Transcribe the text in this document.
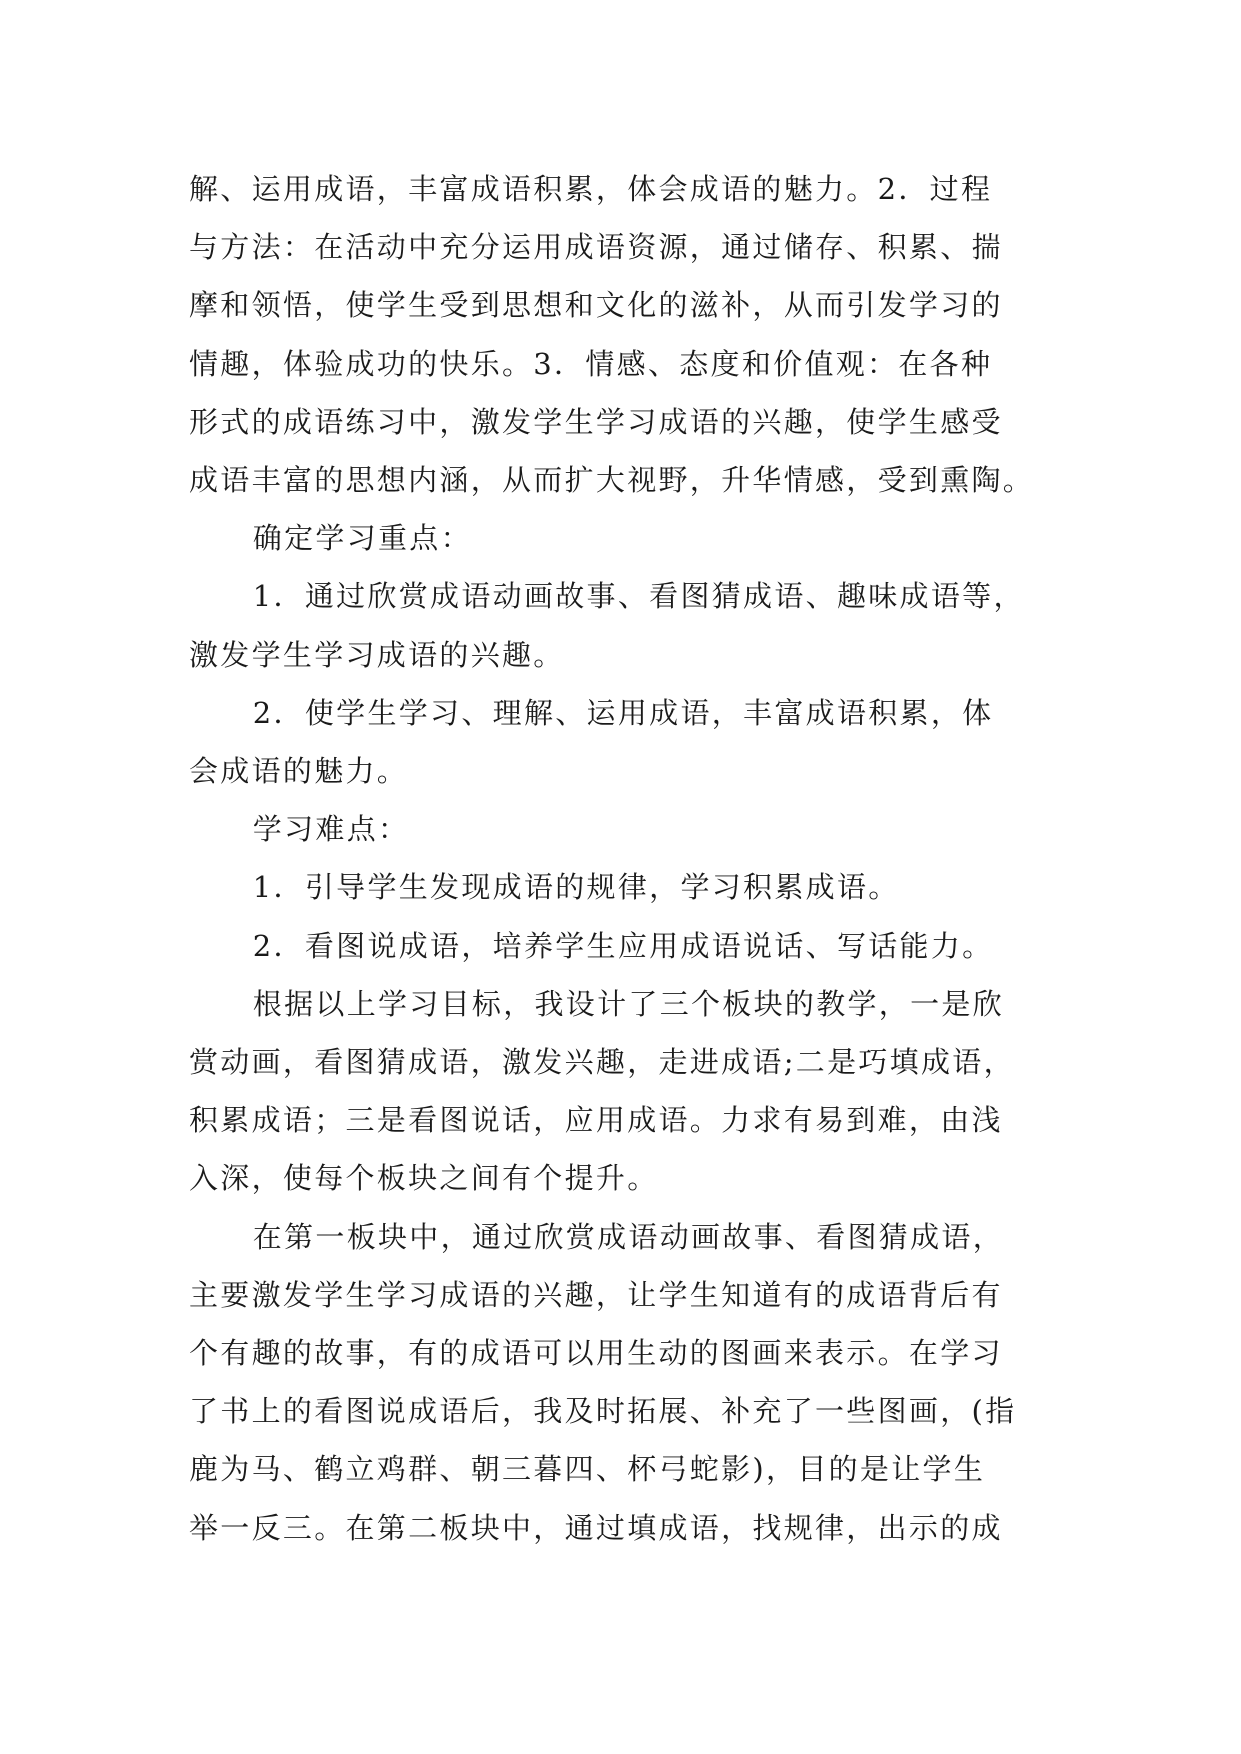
解、运用成语，丰富成语积累，体会成语的魅力。2．过程
与方法：在活动中充分运用成语资源，通过储存、积累、揣
摩和领悟，使学生受到思想和文化的滋补，从而引发学习的
情趣，体验成功的快乐。3．情感、态度和价值观：在各种
形式的成语练习中，激发学生学习成语的兴趣，使学生感受
成语丰富的思想内涵，从而扩大视野，升华情感，受到熏陶。

确定学习重点：

1．通过欣赏成语动画故事、看图猜成语、趣味成语等，
激发学生学习成语的兴趣。

2．使学生学习、理解、运用成语，丰富成语积累，体
会成语的魅力。

学习难点：

1．引导学生发现成语的规律，学习积累成语。

2．看图说成语，培养学生应用成语说话、写话能力。

根据以上学习目标，我设计了三个板块的教学，一是欣
赏动画，看图猜成语，激发兴趣，走进成语;二是巧填成语，
积累成语；三是看图说话，应用成语。力求有易到难，由浅
入深，使每个板块之间有个提升。

在第一板块中，通过欣赏成语动画故事、看图猜成语，
主要激发学生学习成语的兴趣，让学生知道有的成语背后有
个有趣的故事，有的成语可以用生动的图画来表示。在学习
了书上的看图说成语后，我及时拓展、补充了一些图画，(指
鹿为马、鹤立鸡群、朝三暮四、杯弓蛇影)，目的是让学生
举一反三。在第二板块中，通过填成语，找规律，出示的成
